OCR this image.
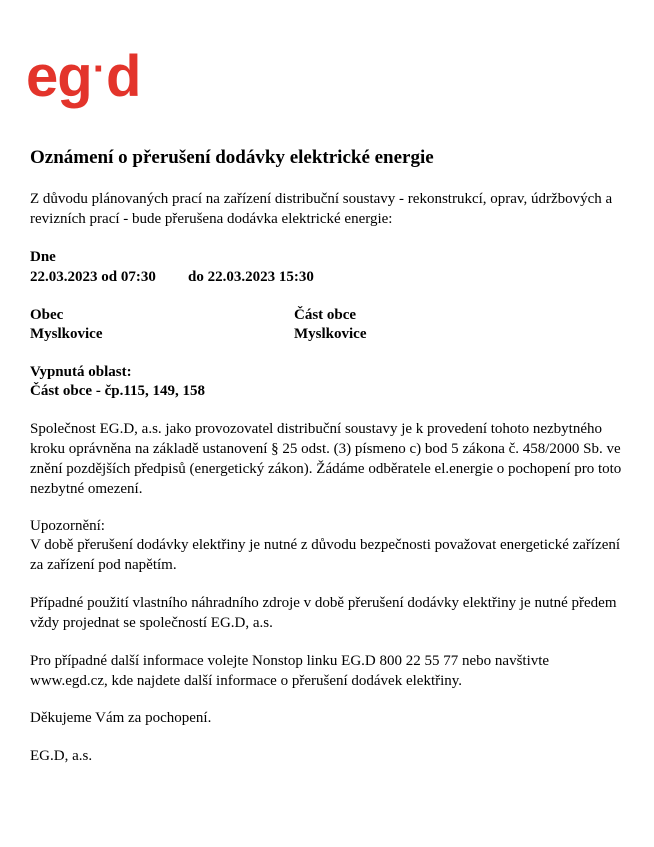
eg·d
Oznámení o přerušení dodávky elektrické energie

Z důvodu plánovaných prací na zařízení distribuční soustavy - rekonstrukcí, oprav, údržbových a revizních prací - bude přerušena dodávka elektrické energie:

Dne
22.03.2023 od 07:30 do 22.03.2023 15:30
Obec
Myslkovice
Část obce
Myslkovice
Vypnutá oblast:
Část obce - čp.115, 149, 158

Společnost EG.D, a.s. jako provozovatel distribuční soustavy je k provedení tohoto nezbytného kroku oprávněna na základě ustanovení § 25 odst. (3) písmeno c) bod 5 zákona č. 458/2000 Sb. ve znění pozdějších předpisů (energetický zákon). Žádáme odběratele el.energie o pochopení pro toto nezbytné omezení.

Upozornění:

V době přerušení dodávky elektřiny je nutné z důvodu bezpečnosti považovat energetické zařízení za zařízení pod napětím.

Případné použití vlastního náhradního zdroje v době přerušení dodávky elektřiny je nutné předem vždy projednat se společností EG.D, a.s.

Pro případné další informace volejte Nonstop linku EG.D 800 22 55 77 nebo navštivte www.egd.cz, kde najdete další informace o přerušení dodávek elektřiny.

Děkujeme Vám za pochopení.

EG.D, a.s.
